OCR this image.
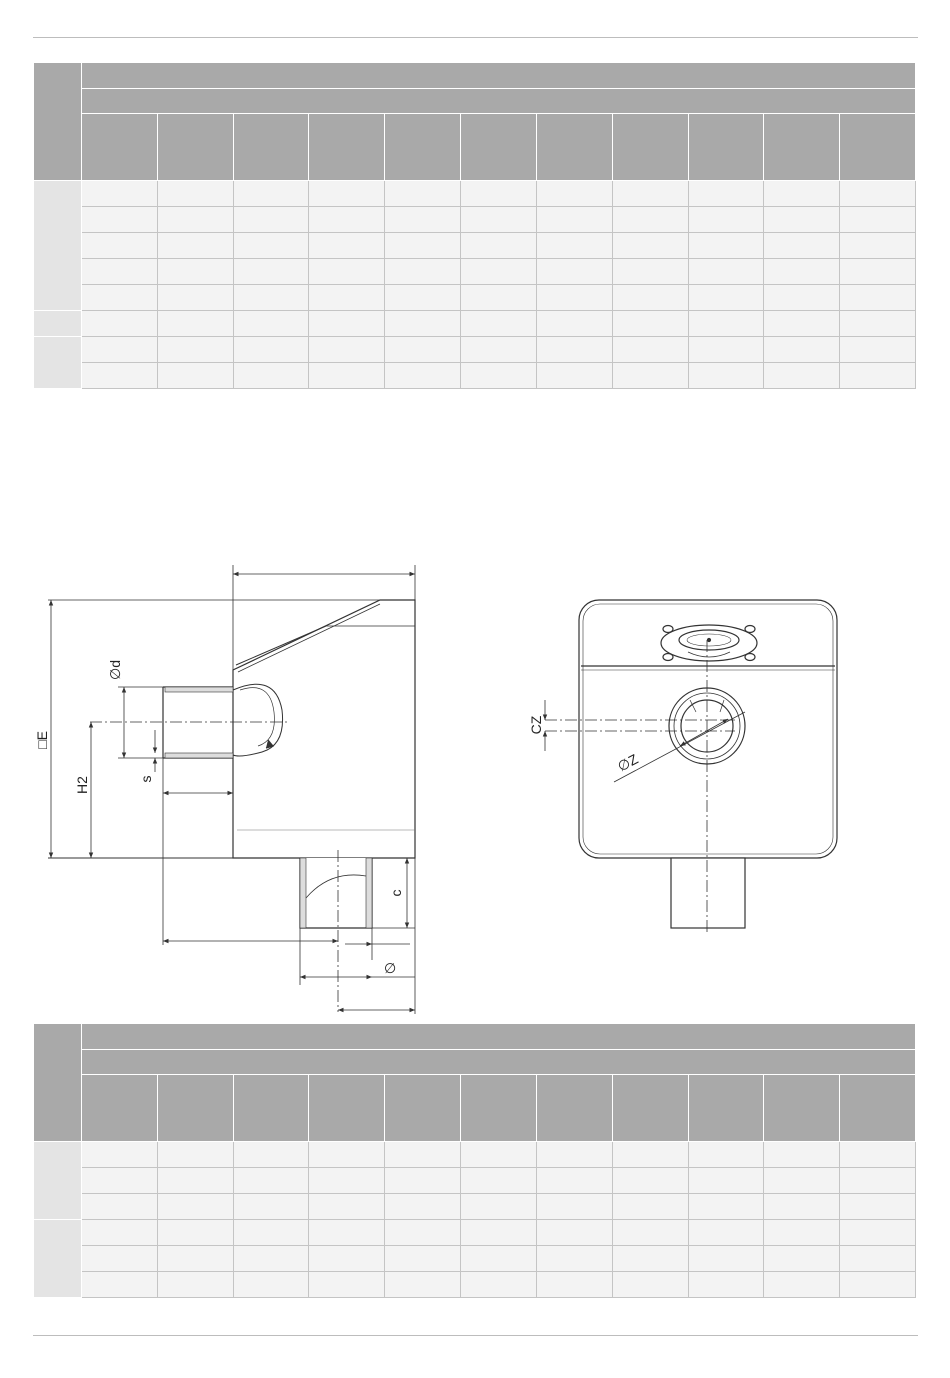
∅d
□E
H2	s
c
∅
CZ
∅Z
